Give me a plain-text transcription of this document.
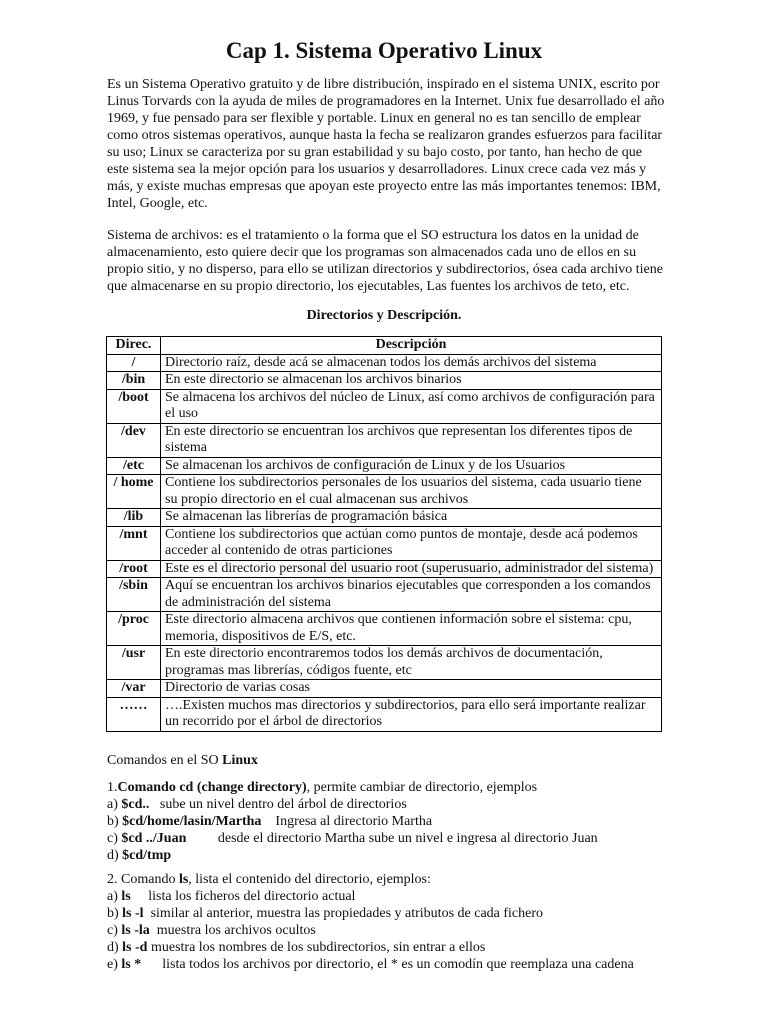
Cap 1. Sistema Operativo Linux

Es un Sistema Operativo gratuito y de libre distribución, inspirado en el sistema UNIX, escrito por Linus Torvards con la ayuda de miles de programadores en la Internet. Unix fue desarrollado el año 1969, y fue pensado para ser flexible y portable. Linux en general no es tan sencillo de emplear como otros sistemas operativos, aunque hasta la fecha se realizaron grandes esfuerzos para facilitar su uso; Linux se caracteriza por su gran estabilidad y su bajo costo, por tanto, han hecho de que este sistema sea la mejor opción para los usuarios y desarrolladores. Linux crece cada vez más y más, y existe muchas empresas que apoyan este proyecto entre las más importantes tenemos: IBM, Intel, Google, etc.

Sistema de archivos: es el tratamiento o la forma que el SO estructura los datos en la unidad de almacenamiento, esto quiere decir que los programas son almacenados cada uno de ellos en su propio sitio, y no disperso, para ello se utilizan directorios y subdirectorios, ósea cada archivo tiene que almacenarse en su propio directorio, los ejecutables, Las fuentes los archivos de teto, etc.

Directorios y Descripción.
Direc.	Descripción
/	Directorio raíz, desde acá se almacenan todos los demás archivos del sistema
/bin	En este directorio se almacenan los archivos binarios
/boot	Se almacena los archivos del núcleo de Linux, así como archivos de configuración para el uso
/dev	En este directorio se encuentran los archivos que representan los diferentes tipos de sistema
/etc	Se almacenan los archivos de configuración de Linux y de los Usuarios
/ home	Contiene los subdirectorios personales de los usuarios del sistema, cada usuario tiene su propio directorio en el cual almacenan sus archivos
/lib	Se almacenan las librerías de programación básica
/mnt	Contiene los subdirectorios que actúan como puntos de montaje, desde acá podemos acceder al contenido de otras particiones
/root	Este es el directorio personal del usuario root (superusuario, administrador del sistema)
/sbin	Aquí se encuentran los archivos binarios ejecutables que corresponden a los comandos de administración del sistema
/proc	Este directorio almacena archivos que contienen información sobre el sistema: cpu, memoria, dispositivos de E/S, etc.
/usr	En este directorio encontraremos todos los demás archivos de documentación, programas mas librerías, códigos fuente, etc
/var	Directorio de varias cosas
……	….Existen muchos mas directorios y subdirectorios, para ello será importante realizar un recorrido por el árbol de directorios
Comandos en el SO Linux
1.Comando cd (change directory), permite cambiar de directorio, ejemplos
a) $cd..   sube un nivel dentro del árbol de directorios
b) $cd/home/lasin/Martha    Ingresa al directorio Martha
c) $cd ../Juan         desde el directorio Martha sube un nivel e ingresa al directorio Juan
d) $cd/tmp
2. Comando ls, lista el contenido del directorio, ejemplos:
a) ls     lista los ficheros del directorio actual
b) ls -l  similar al anterior, muestra las propiedades y atributos de cada fichero
c) ls -la  muestra los archivos ocultos
d) ls -d muestra los nombres de los subdirectorios, sin entrar a ellos
e) ls *      lista todos los archivos por directorio, el * es un comodín que reemplaza una cadena
